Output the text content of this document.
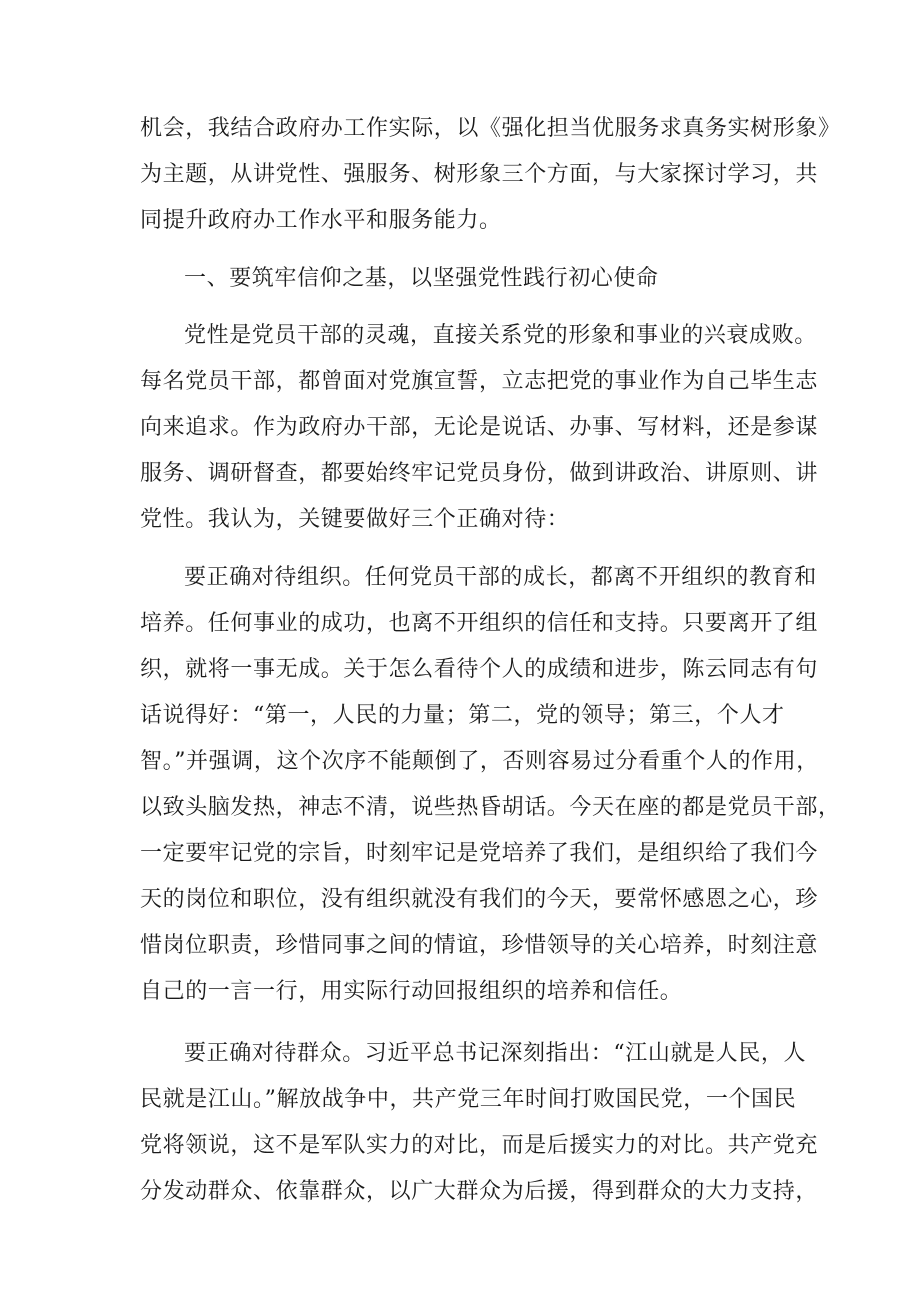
机会，我结合政府办工作实际，以《强化担当优服务求真务实树形象》
为主题，从讲党性、强服务、树形象三个方面，与大家探讨学习，共
同提升政府办工作水平和服务能力。
一、要筑牢信仰之基，以坚强党性践行初心使命
党性是党员干部的灵魂，直接关系党的形象和事业的兴衰成败。
每名党员干部，都曾面对党旗宣誓，立志把党的事业作为自己毕生志
向来追求。作为政府办干部，无论是说话、办事、写材料，还是参谋
服务、调研督查，都要始终牢记党员身份，做到讲政治、讲原则、讲
党性。我认为，关键要做好三个正确对待：
要正确对待组织。任何党员干部的成长，都离不开组织的教育和
培养。任何事业的成功，也离不开组织的信任和支持。只要离开了组
织，就将一事无成。关于怎么看待个人的成绩和进步，陈云同志有句
话说得好：“第一，人民的力量；第二，党的领导；第三，个人才
智。”并强调，这个次序不能颠倒了，否则容易过分看重个人的作用，
以致头脑发热，神志不清，说些热昏胡话。今天在座的都是党员干部，
一定要牢记党的宗旨，时刻牢记是党培养了我们，是组织给了我们今
天的岗位和职位，没有组织就没有我们的今天，要常怀感恩之心，珍
惜岗位职责，珍惜同事之间的情谊，珍惜领导的关心培养，时刻注意
自己的一言一行，用实际行动回报组织的培养和信任。
要正确对待群众。习近平总书记深刻指出：“江山就是人民，人
民就是江山。”解放战争中，共产党三年时间打败国民党，一个国民
党将领说，这不是军队实力的对比，而是后援实力的对比。共产党充
分发动群众、依靠群众，以广大群众为后援，得到群众的大力支持，
